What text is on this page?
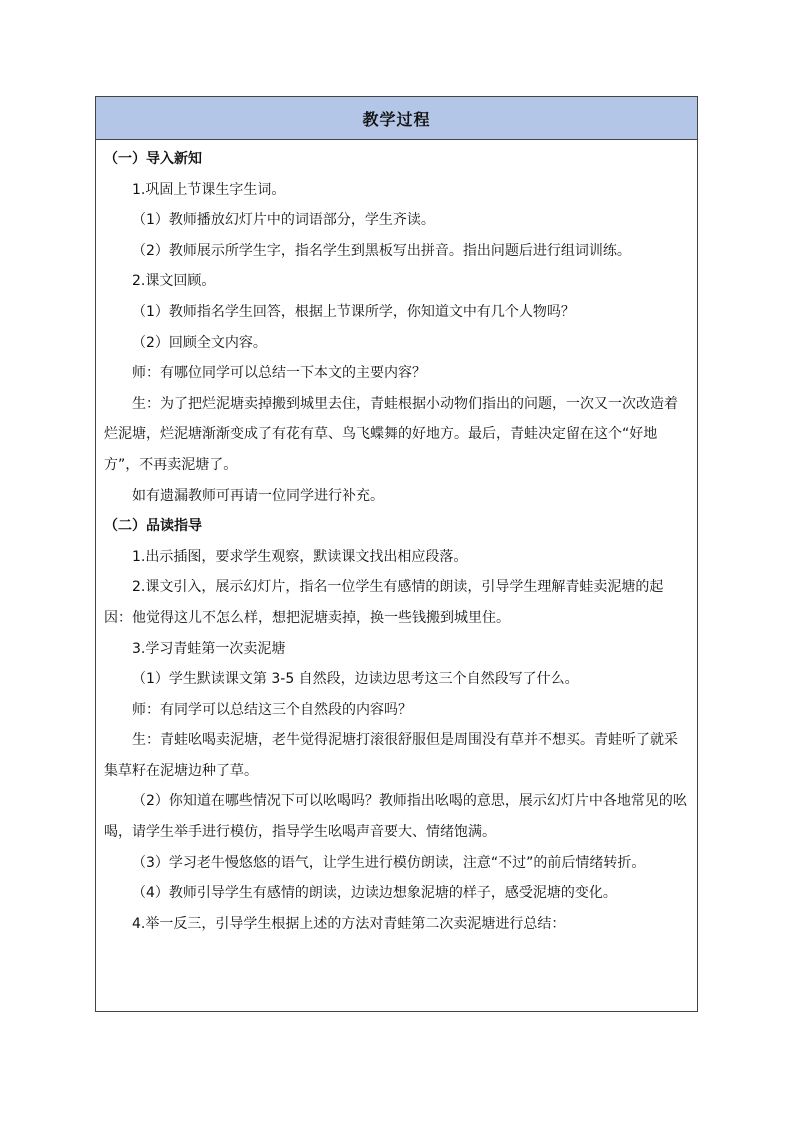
教学过程

（一）导入新知

1.巩固上节课生字生词。

（1）教师播放幻灯片中的词语部分，学生齐读。

（2）教师展示所学生字，指名学生到黑板写出拼音。指出问题后进行组词训练。

2.课文回顾。

（1）教师指名学生回答，根据上节课所学，你知道文中有几个人物吗？

（2）回顾全文内容。

师：有哪位同学可以总结一下本文的主要内容？

生：为了把烂泥塘卖掉搬到城里去住，青蛙根据小动物们指出的问题，一次又一次改造着烂泥塘，烂泥塘渐渐变成了有花有草、鸟飞蝶舞的好地方。最后，青蛙决定留在这个“好地方”，不再卖泥塘了。

如有遗漏教师可再请一位同学进行补充。

（二）品读指导

1.出示插图，要求学生观察，默读课文找出相应段落。

2.课文引入，展示幻灯片，指名一位学生有感情的朗读，引导学生理解青蛙卖泥塘的起因：他觉得这儿不怎么样，想把泥塘卖掉，换一些钱搬到城里住。

3.学习青蛙第一次卖泥塘

（1）学生默读课文第 3-5 自然段，边读边思考这三个自然段写了什么。

师：有同学可以总结这三个自然段的内容吗？

生：青蛙吆喝卖泥塘，老牛觉得泥塘打滚很舒服但是周围没有草并不想买。青蛙听了就采集草籽在泥塘边种了草。

（2）你知道在哪些情况下可以吆喝吗？教师指出吆喝的意思，展示幻灯片中各地常见的吆喝，请学生举手进行模仿，指导学生吆喝声音要大、情绪饱满。

（3）学习老牛慢悠悠的语气，让学生进行模仿朗读，注意“不过”的前后情绪转折。

（4）教师引导学生有感情的朗读，边读边想象泥塘的样子，感受泥塘的变化。

4.举一反三，引导学生根据上述的方法对青蛙第二次卖泥塘进行总结：
